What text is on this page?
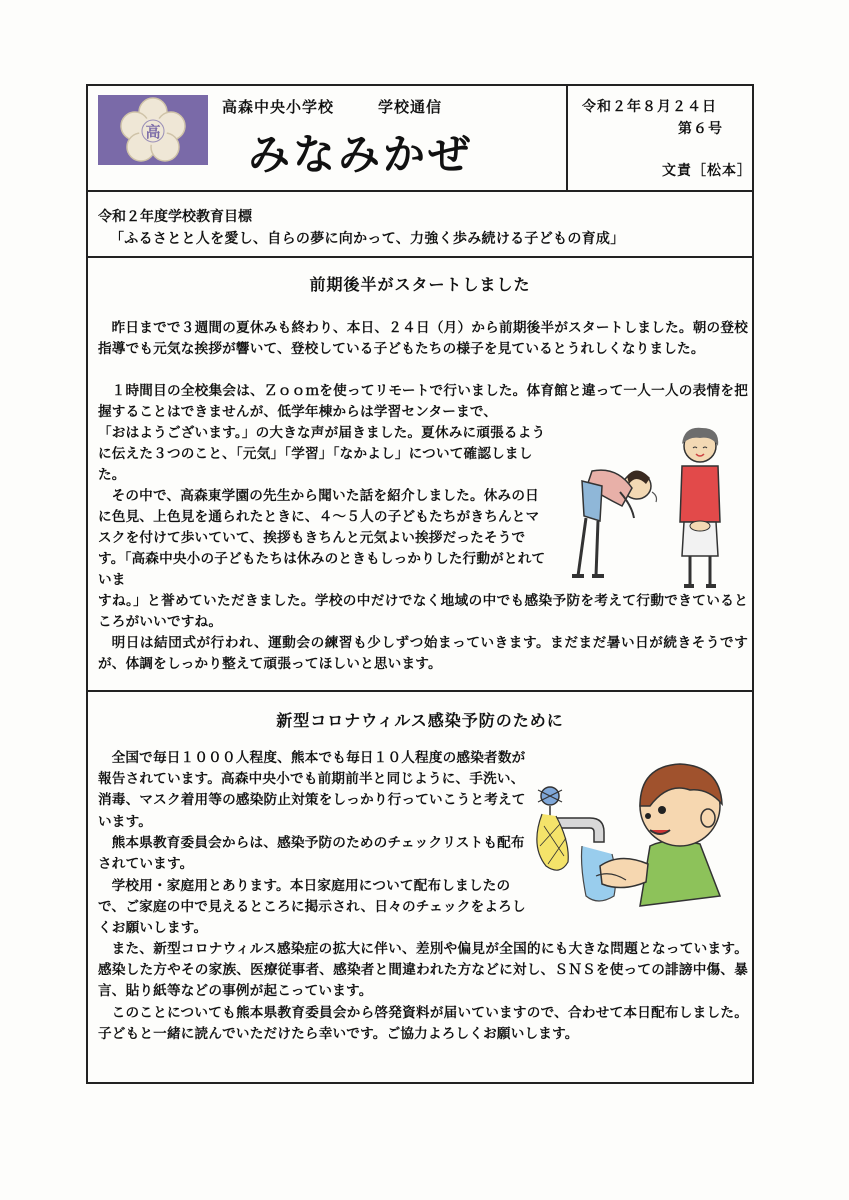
高
高森中央小学校	学校通信
みなみかぜ
令和２年８月２４日
第６号
文責［松本］
令和２年度学校教育目標
「ふるさとと人を愛し、自らの夢に向かって、力強く歩み続ける子どもの育成」
前期後半がスタートしました

昨日までで３週間の夏休みも終わり、本日、２４日（月）から前期後半がスタートしました。朝の登校指導でも元気な挨拶が響いて、登校している子どもたちの様子を見ているとうれしくなりました。

１時間目の全校集会は、Ｚｏｏｍを使ってリモートで行いました。体育館と違って一人一人の表情を把握することはできませんが、低学年棟からは学習センターまで、

「おはようございます。」の大きな声が届きました。夏休みに頑張るように伝えた３つのこと、「元気」「学習」「なかよし」について確認しました。

その中で、高森東学園の先生から聞いた話を紹介しました。休みの日に色見、上色見を通られたときに、４～５人の子どもたちがきちんとマスクを付けて歩いていて、挨拶もきちんと元気よい挨拶だったそうです。「高森中央小の子どもたちは休みのときもしっかりした行動がとれていま

すね。」と誉めていただきました。学校の中だけでなく地域の中でも感染予防を考えて行動できているところがいいですね。

明日は結団式が行われ、運動会の練習も少しずつ始まっていきます。まだまだ暑い日が続きそうですが、体調をしっかり整えて頑張ってほしいと思います。

新型コロナウィルス感染予防のために

全国で毎日１０００人程度、熊本でも毎日１０人程度の感染者数が報告されています。高森中央小でも前期前半と同じように、手洗い、消毒、マスク着用等の感染防止対策をしっかり行っていこうと考えています。

熊本県教育委員会からは、感染予防のためのチェックリストも配布されています。

学校用・家庭用とあります。本日家庭用について配布しましたので、ご家庭の中で見えるところに掲示され、日々のチェックをよろしくお願いします。

また、新型コロナウィルス感染症の拡大に伴い、差別や偏見が全国的にも大きな問題となっています。感染した方やその家族、医療従事者、感染者と間違われた方などに対し、ＳＮＳを使っての誹謗中傷、暴言、貼り紙等などの事例が起こっています。

このことについても熊本県教育委員会から啓発資料が届いていますので、合わせて本日配布しました。子どもと一緒に読んでいただけたら幸いです。ご協力よろしくお願いします。
